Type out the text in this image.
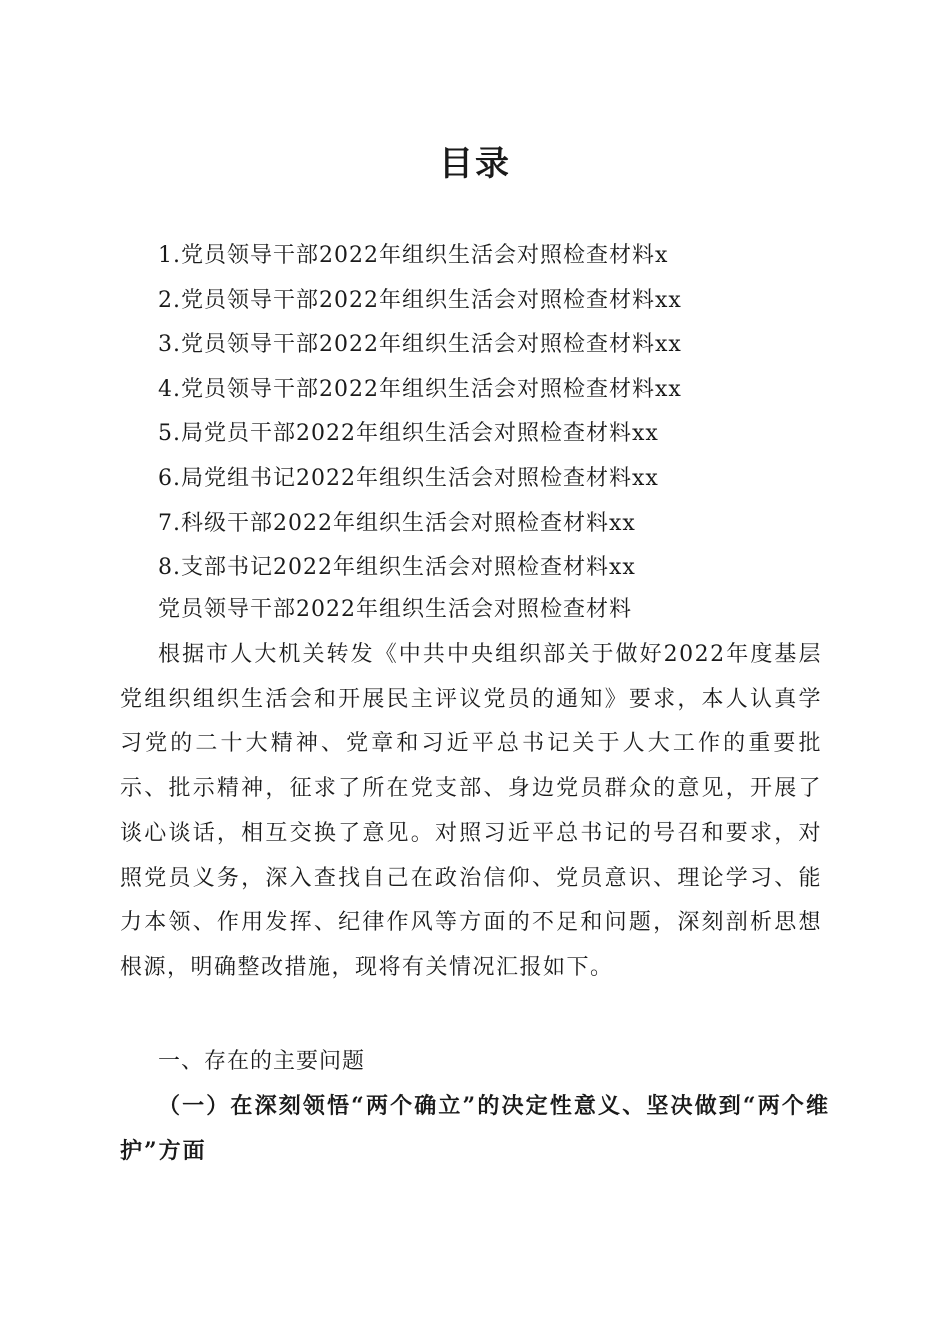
目录
1.党员领导干部2022年组织生活会对照检查材料x
2.党员领导干部2022年组织生活会对照检查材料xx
3.党员领导干部2022年组织生活会对照检查材料xx
4.党员领导干部2022年组织生活会对照检查材料xx
5.局党员干部2022年组织生活会对照检查材料xx
6.局党组书记2022年组织生活会对照检查材料xx
7.科级干部2022年组织生活会对照检查材料xx
8.支部书记2022年组织生活会对照检查材料xx
党员领导干部2022年组织生活会对照检查材料

根据市人大机关转发《中共中央组织部关于做好2022年度基层党组织组织生活会和开展民主评议党员的通知》要求，本人认真学习党的二十大精神、党章和习近平总书记关于人大工作的重要批示、批示精神，征求了所在党支部、身边党员群众的意见，开展了谈心谈话，相互交换了意见。对照习近平总书记的号召和要求，对照党员义务，深入查找自己在政治信仰、党员意识、理论学习、能力本领、作用发挥、纪律作风等方面的不足和问题，深刻剖析思想根源，明确整改措施，现将有关情况汇报如下。

一、存在的主要问题

（一）在深刻领悟“两个确立”的决定性意义、坚决做到“两个维护”方面
